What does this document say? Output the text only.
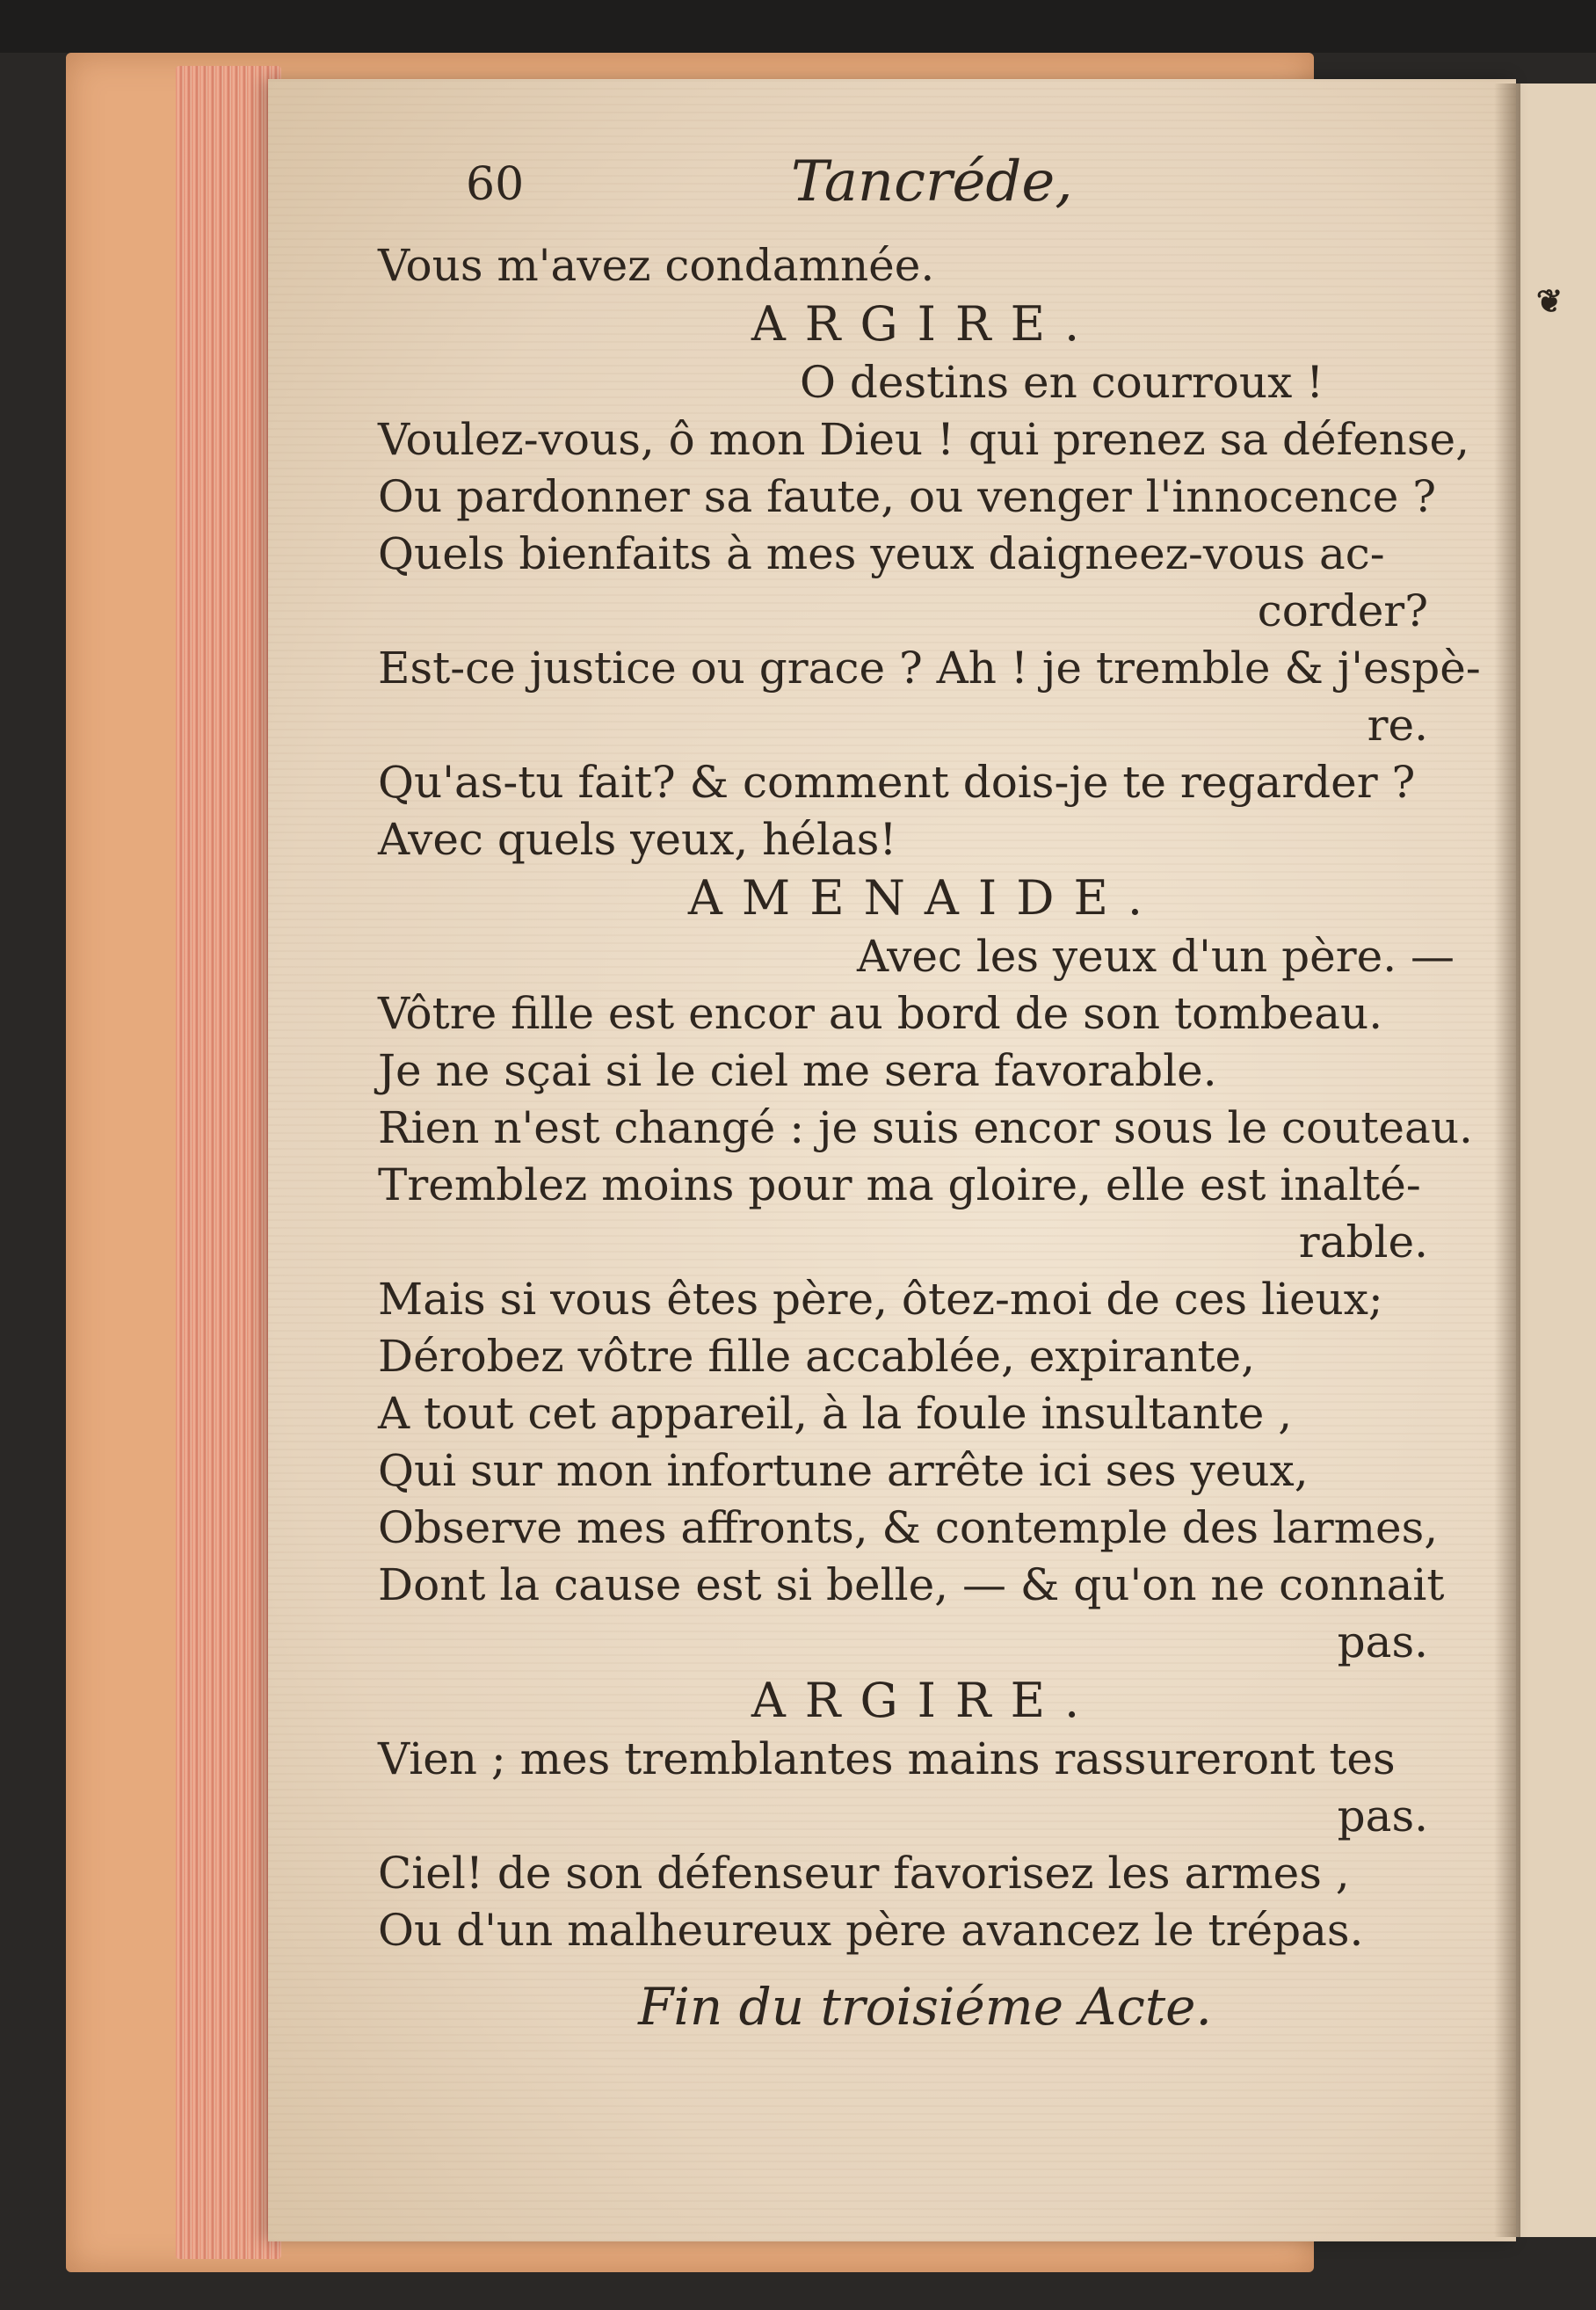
❦
60	Tancréde,
Vous m'avez condamnée.
ARGIRE.
O destins en courroux !
Voulez-vous, ô mon Dieu ! qui prenez sa défense,
Ou pardonner sa faute, ou venger l'innocence ?
Quels bienfaits à mes yeux daigneez-vous ac-
corder?
Est-ce justice ou grace ? Ah ! je tremble & j'espè-
re.
Qu'as-tu fait? & comment dois-je te regarder ?
Avec quels yeux, hélas!
AMENAIDE.
Avec les yeux d'un père. —
Vôtre fille est encor au bord de son tombeau.
Je ne sçai si le ciel me sera favorable.
Rien n'est changé : je suis encor sous le couteau.
Tremblez moins pour ma gloire, elle est inalté-
rable.
Mais si vous êtes père, ôtez-moi de ces lieux;
Dérobez vôtre fille accablée, expirante,
A tout cet appareil, à la foule insultante ,
Qui sur mon infortune arrête ici ses yeux,
Observe mes affronts, & contemple des larmes,
Dont la cause est si belle, — & qu'on ne connait
pas.
ARGIRE.
Vien ; mes tremblantes mains rassureront tes
pas.
Ciel! de son défenseur favorisez les armes ,
Ou d'un malheureux père avancez le trépas.
Fin du troisiéme Acte.
